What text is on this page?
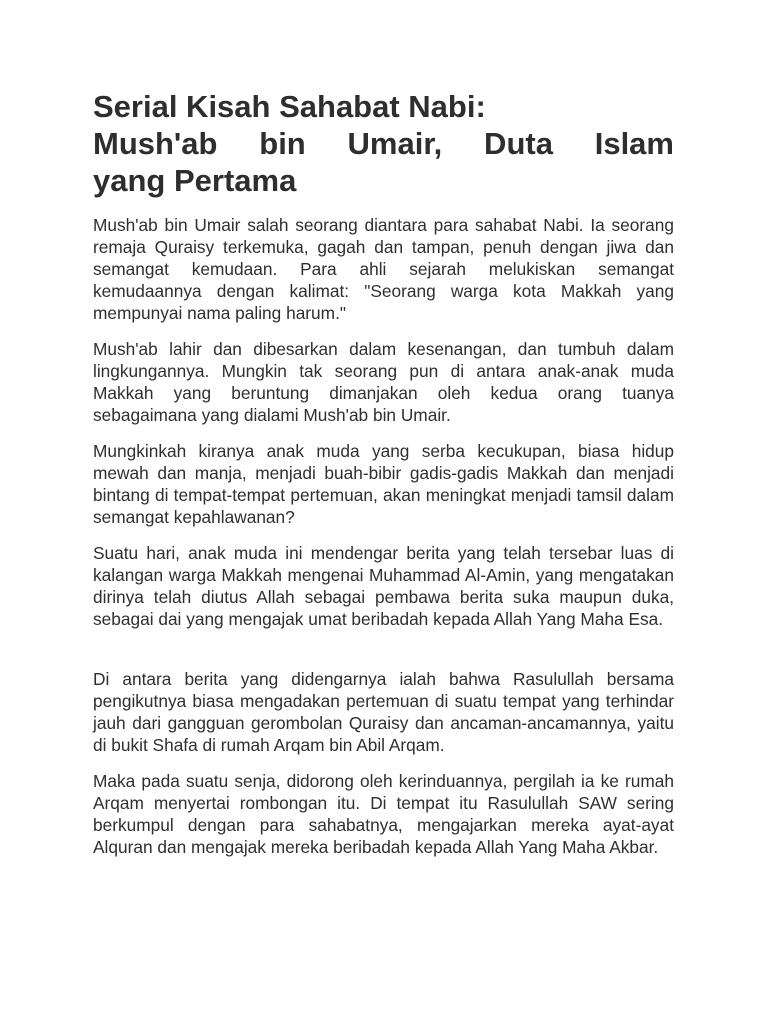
Serial Kisah Sahabat Nabi:
Mush'ab bin Umair, Duta Islam
yang Pertama

Mush'ab bin Umair salah seorang diantara para sahabat Nabi. Ia seorang remaja Quraisy terkemuka, gagah dan tampan, penuh dengan jiwa dan semangat kemudaan. Para ahli sejarah melukiskan semangat kemudaannya dengan kalimat: "Seorang warga kota Makkah yang mempunyai nama paling harum."

Mush'ab lahir dan dibesarkan dalam kesenangan, dan tumbuh dalam lingkungannya. Mungkin tak seorang pun di antara anak-anak muda Makkah yang beruntung dimanjakan oleh kedua orang tuanya sebagaimana yang dialami Mush'ab bin Umair.

Mungkinkah kiranya anak muda yang serba kecukupan, biasa hidup mewah dan manja, menjadi buah-bibir gadis-gadis Makkah dan menjadi bintang di tempat-tempat pertemuan, akan meningkat menjadi tamsil dalam semangat kepahlawanan?

Suatu hari, anak muda ini mendengar berita yang telah tersebar luas di kalangan warga Makkah mengenai Muhammad Al-Amin, yang mengatakan dirinya telah diutus Allah sebagai pembawa berita suka maupun duka, sebagai dai yang mengajak umat beribadah kepada Allah Yang Maha Esa.

Di antara berita yang didengarnya ialah bahwa Rasulullah bersama pengikutnya biasa mengadakan pertemuan di suatu tempat yang terhindar jauh dari gangguan gerombolan Quraisy dan ancaman-ancamannya, yaitu di bukit Shafa di rumah Arqam bin Abil Arqam.

Maka pada suatu senja, didorong oleh kerinduannya, pergilah ia ke rumah Arqam menyertai rombongan itu. Di tempat itu Rasulullah SAW sering berkumpul dengan para sahabatnya, mengajarkan mereka ayat-ayat Alquran dan mengajak mereka beribadah kepada Allah Yang Maha Akbar.
